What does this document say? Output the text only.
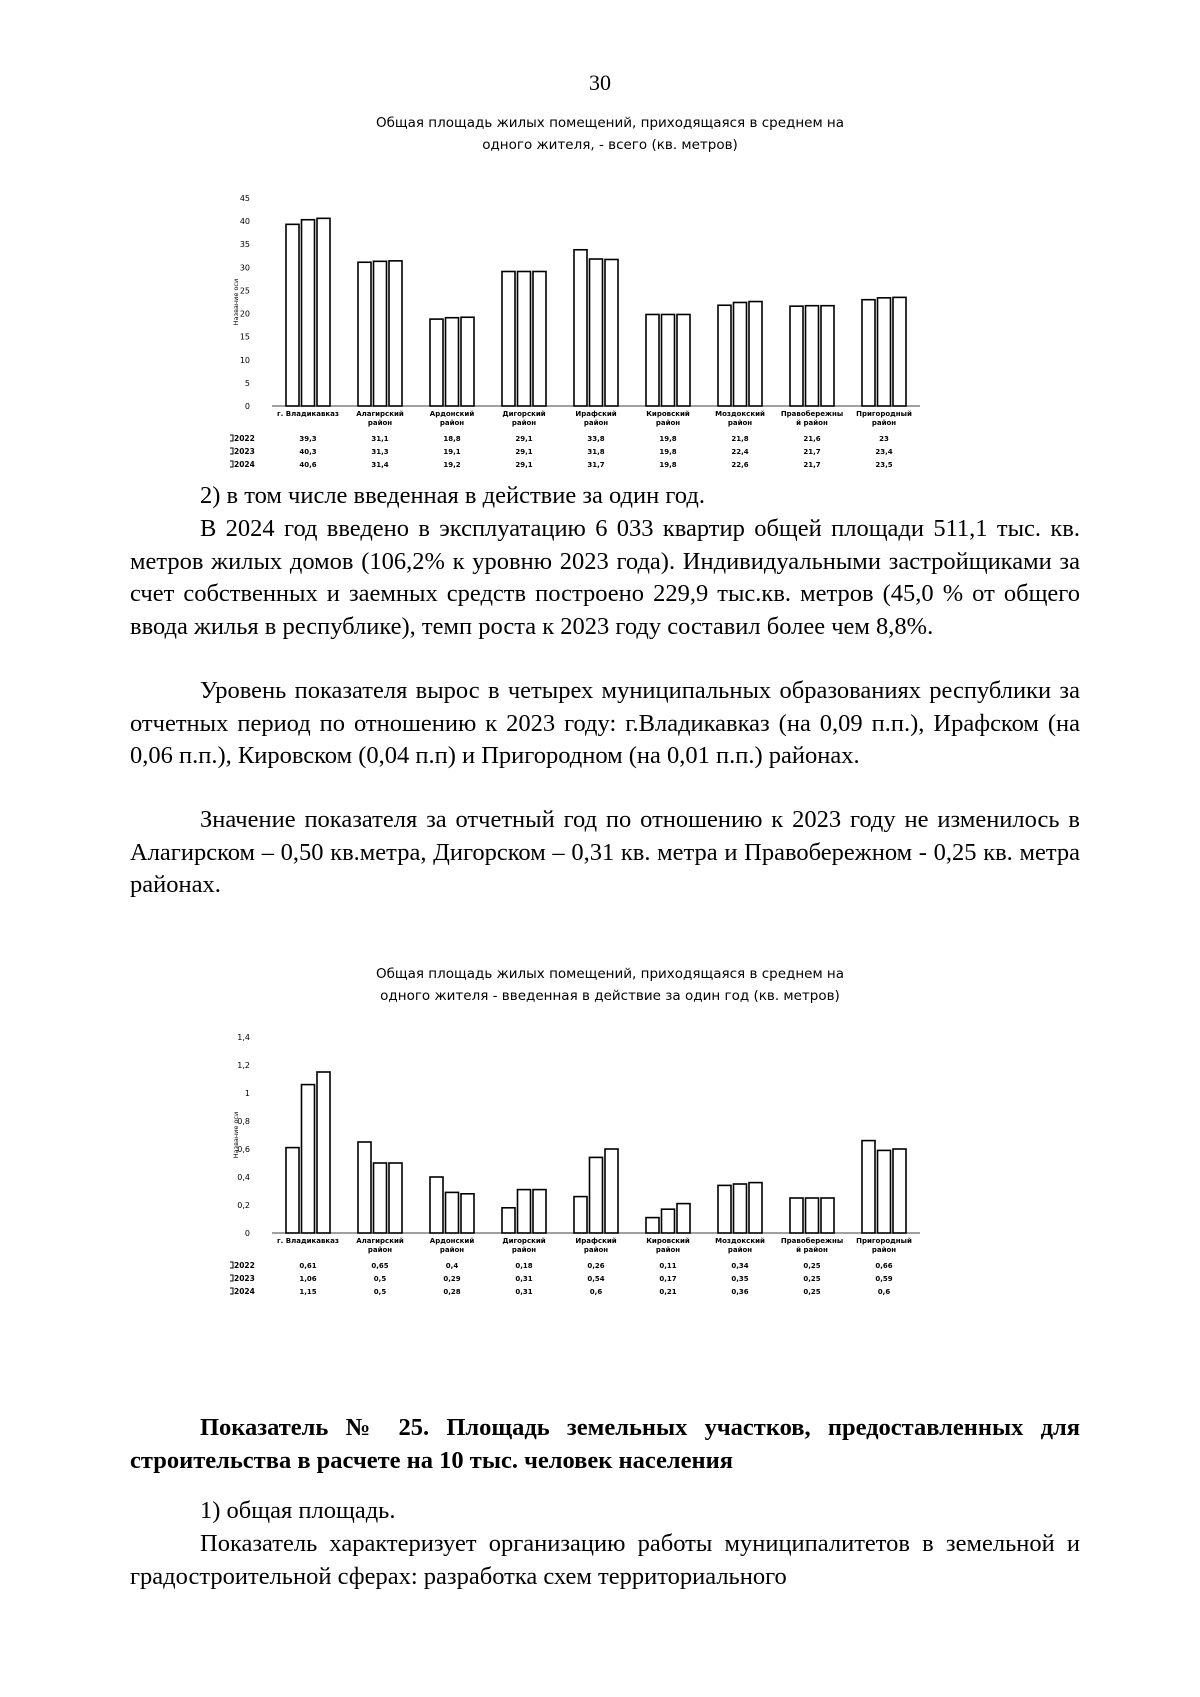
30
Общая площадь жилых помещений, приходящаяся в среднем на
одного жителя, - всего (кв. метров)
0
5
10
15
20
25
30
35
40
45
Название оси
г. Владикавказ
39,3
40,3
40,6
Алагирский
район
31,1
31,3
31,4
Ардонский
район
18,8
19,1
19,2
Дигорский
район
29,1
29,1
29,1
Ирафский
район
33,8
31,8
31,7
Кировский
район
19,8
19,8
19,8
Моздокский
район
21,8
22,4
22,6
Правобережны
й район
21,6
21,7
21,7
Пригородный
район
23
23,4
23,5
2022
2023
2024

2) в том числе введенная в действие за один год.

В 2024 год введено в эксплуатацию 6 033 квартир общей площади 511,1 тыс. кв. метров жилых домов (106,2% к уровню 2023 года). Индивидуальными застройщиками за счет собственных и заемных средств построено 229,9 тыс.кв. метров (45,0 % от общего ввода жилья в республике), темп роста к 2023 году составил более чем 8,8%.

Уровень показателя вырос в четырех муниципальных образованиях республики за отчетных период по отношению к 2023 году: г.Владикавказ (на 0,09 п.п.), Ирафском (на 0,06 п.п.), Кировском (0,04 п.п) и Пригородном (на 0,01 п.п.) районах.

Значение показателя за отчетный год по отношению к 2023 году не изменилось в Алагирском – 0,50 кв.метра, Дигорском – 0,31 кв. метра и Правобережном - 0,25 кв. метра районах.

Общая площадь жилых помещений, приходящаяся в среднем на
одного жителя - введенная в действие за один год (кв. метров)
0
0,2
0,4
0,6
0,8
1
1,2
1,4
Название оси
г. Владикавказ
0,61
1,06
1,15
Алагирский
район
0,65
0,5
0,5
Ардонский
район
0,4
0,29
0,28
Дигорский
район
0,18
0,31
0,31
Ирафский
район
0,26
0,54
0,6
Кировский
район
0,11
0,17
0,21
Моздокский
район
0,34
0,35
0,36
Правобережны
й район
0,25
0,25
0,25
Пригородный
район
0,66
0,59
0,6
2022
2023
2024

Показатель № 25. Площадь земельных участков, предоставленных для строительства в расчете на 10 тыс. человек населения

1) общая площадь.

Показатель характеризует организацию работы муниципалитетов в земельной и градостроительной сферах: разработка схем территориального
